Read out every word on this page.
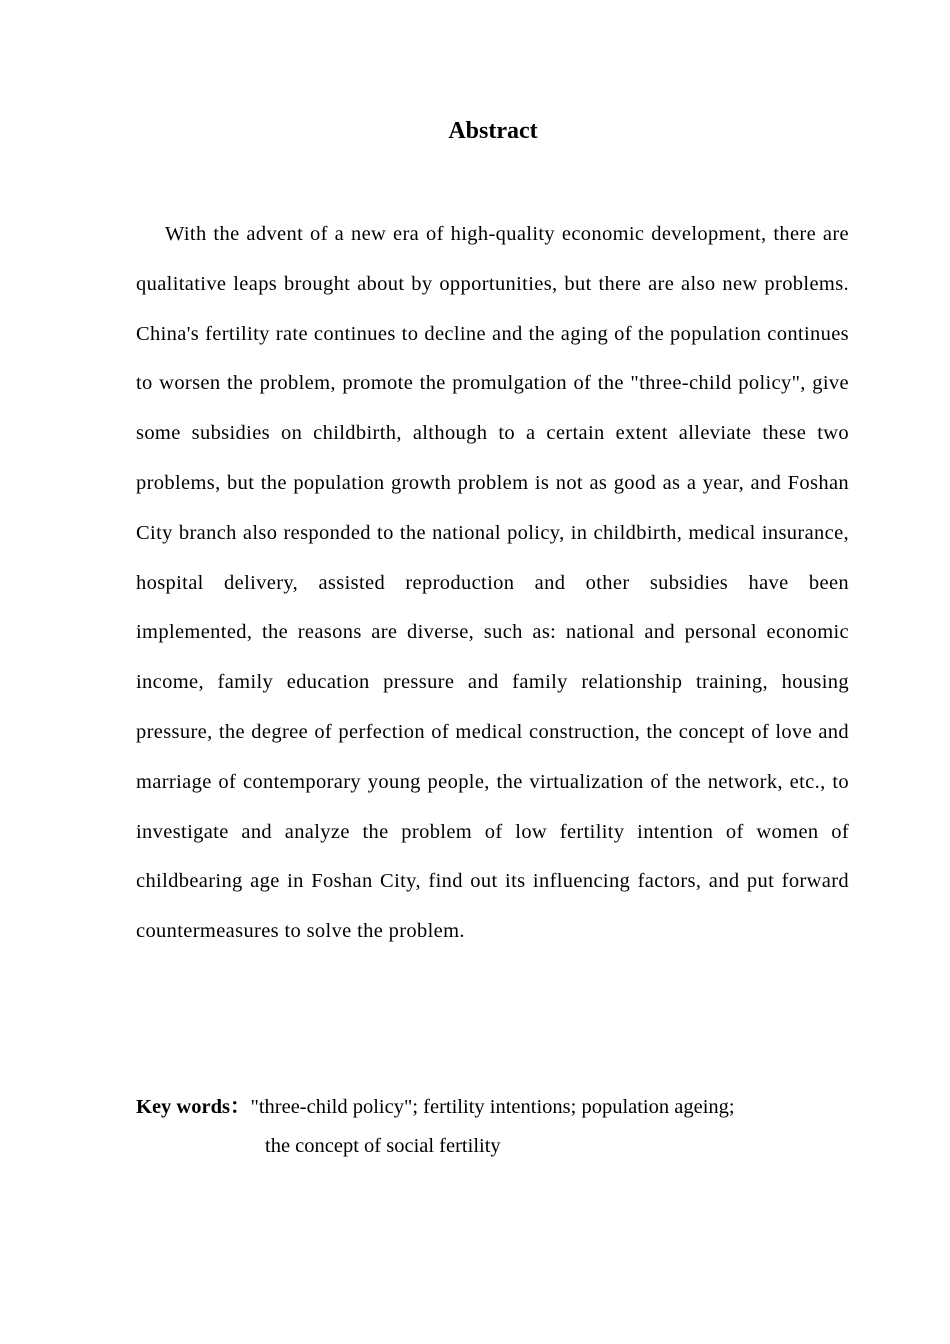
Abstract

With the advent of a new era of high-quality economic development, there are qualitative leaps brought about by opportunities, but there are also new problems. China's fertility rate continues to decline and the aging of the population continues to worsen the problem, promote the promulgation of the "three-child policy", give some subsidies on childbirth, although to a certain extent alleviate these two problems, but the population growth problem is not as good as a year, and Foshan City branch also responded to the national policy, in childbirth, medical insurance, hospital delivery, assisted reproduction and other subsidies have been implemented, the reasons are diverse, such as: national and personal economic income, family education pressure and family relationship training, housing pressure, the degree of perfection of medical construction, the concept of love and marriage of contemporary young people, the virtualization of the network, etc., to investigate and analyze the problem of low fertility intention of women of childbearing age in Foshan City, find out its influencing factors, and put forward countermeasures to solve the problem.

Key words："three-child policy"; fertility intentions; population ageing;
the concept of social fertility
